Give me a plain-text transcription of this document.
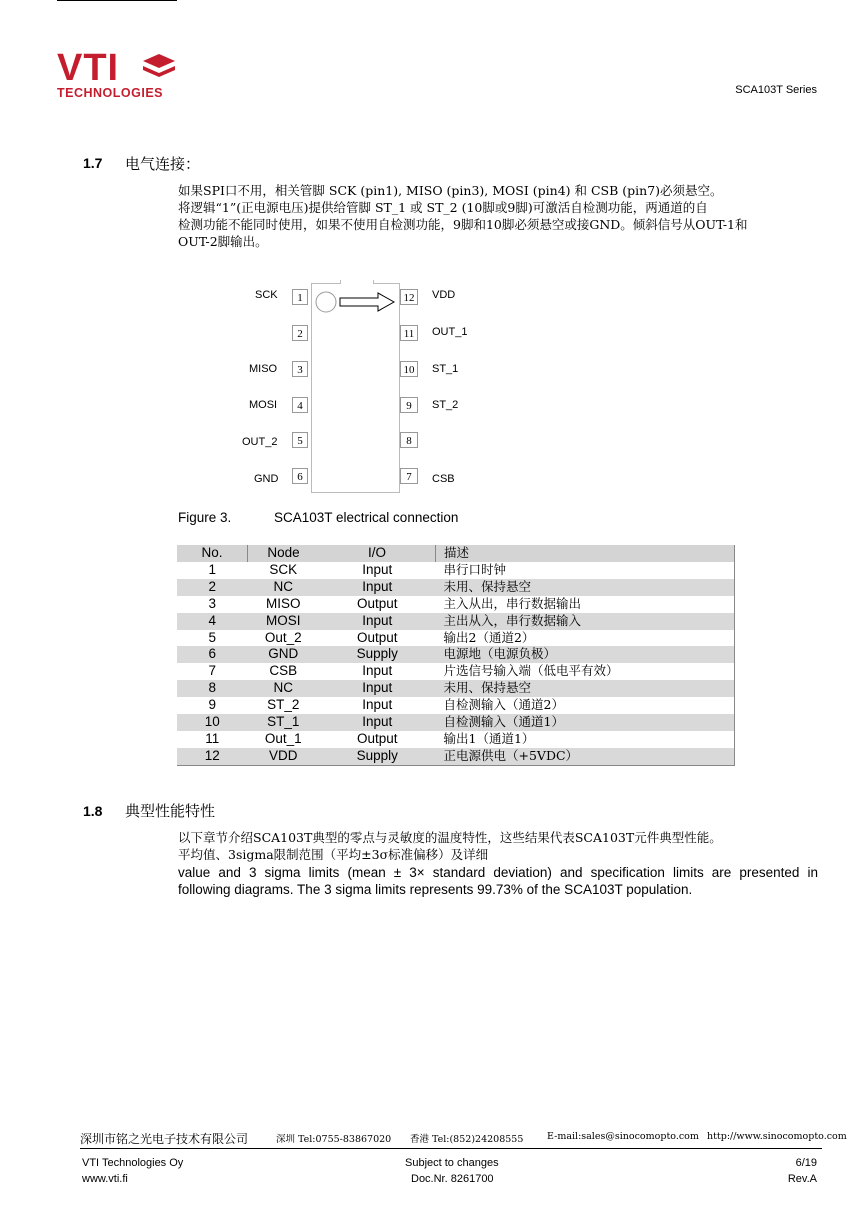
VTI
TECHNOLOGIES	SCA103T Series
1.7 电气连接：
如果SPI口不用，相关管脚 SCK (pin1), MISO (pin3), MOSI (pin4) 和 CSB (pin7)必须悬空。
将逻辑“1”(正电源电压)提供给管脚 ST_1 或 ST_2 (10脚或9脚)可激活自检测功能，两通道的自
检测功能不能同时使用，如果不使用自检测功能，9脚和10脚必须悬空或接GND。倾斜信号从OUT-1和
OUT-2脚输出。
SCK
MISO
MOSI
OUT_2
GND
1
2
3
4
5
6
12
11
10
9
8
7
VDD
OUT_1
ST_1
ST_2
CSB
Figure 3.	SCA103T electrical connection
No.	Node	I/O	描述
1	SCK	Input	串行口时钟
2	NC	Input	未用、保持悬空
3	MISO	Output	主入从出，串行数据输出
4	MOSI	Input	主出从入，串行数据输入
5	Out_2	Output	输出2（通道2）
6	GND	Supply	电源地（电源负极）
7	CSB	Input	片选信号输入端（低电平有效）
8	NC	Input	未用、保持悬空
9	ST_2	Input	自检测输入（通道2）
10	ST_1	Input	自检测输入（通道1）
11	Out_1	Output	输出1（通道1）
12	VDD	Supply	正电源供电（+5VDC）
1.8 典型性能特性
以下章节介绍SCA103T典型的零点与灵敏度的温度特性，这些结果代表SCA103T元件典型性能。
平均值、3sigma限制范围（平均±3σ标准偏移）及详细
value and 3 sigma limits (mean ± 3× standard deviation) and specification limits are presented in
following diagrams. The 3 sigma limits represents 99.73% of the SCA103T population.
深圳市铭之光电子技术有限公司	深圳 Tel:0755-83867020 香港 Tel:(852)24208555 E-mail:sales@sinocomopto.com http://www.sinocomopto.com
VTI Technologies Oy
www.vti.fi
Subject to changes
Doc.Nr. 8261700
6/19
Rev.A
